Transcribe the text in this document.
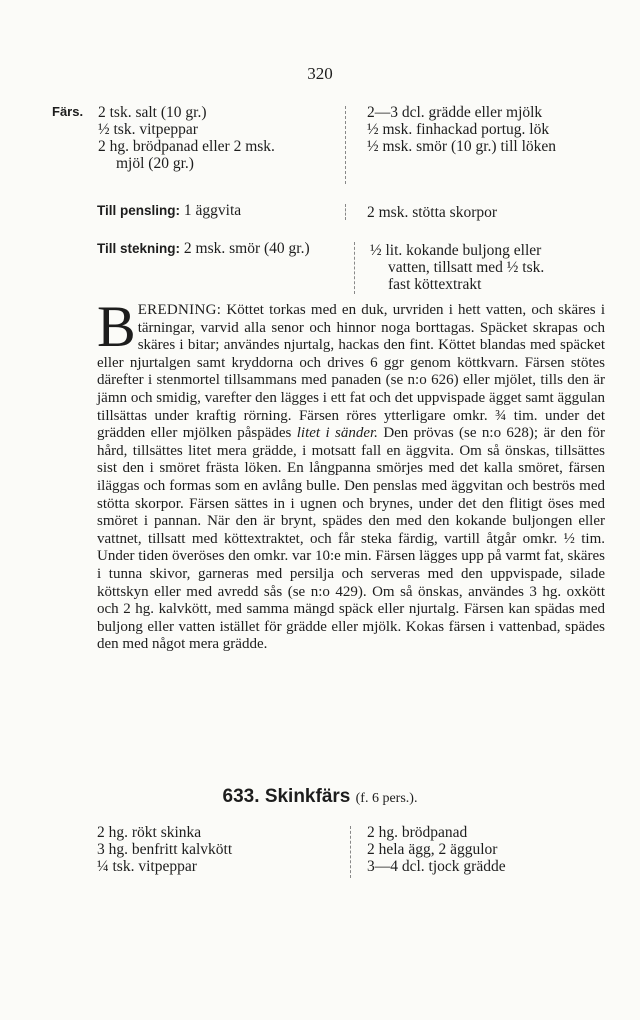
320
Färs. 2 tsk. salt (10 gr.)
½ tsk. vitpeppar
2 hg. brödpanad eller 2 msk.
mjöl (20 gr.)
2—3 dcl. grädde eller mjölk
½ msk. finhackad portug. lök
½ msk. smör (10 gr.) till löken
Till pensling: 1 äggvita	2 msk. stötta skorpor
Till stekning: 2 msk. smör (40 gr.)	½ lit. kokande buljong eller
vatten, tillsatt med ½ tsk.
fast köttextrakt
B EREDNING: Köttet torkas med en duk, urvriden i hett vatten, och skäres i tärningar, varvid alla senor och hinnor noga borttagas. Späcket skrapas och skäres i bitar; användes njurtalg, hackas den fint. Köttet blandas med späcket eller njurtalgen samt kryddorna och drives 6 ggr genom köttkvarn. Färsen stötes därefter i stenmortel tillsammans med panaden (se n:o 626) eller mjölet, tills den är jämn och smidig, varefter den lägges i ett fat och det uppvispade ägget samt äggulan tillsättas under kraftig rörning. Färsen röres ytterligare omkr. ¾ tim. under det grädden eller mjölken påspädes litet i sänder. Den prövas (se n:o 628); är den för hård, tillsättes litet mera grädde, i motsatt fall en äggvita. Om så önskas, tillsättes sist den i smöret frästa löken. En långpanna smörjes med det kalla smöret, färsen iläggas och formas som en avlång bulle. Den penslas med äggvitan och beströs med stötta skorpor. Färsen sättes in i ugnen och brynes, under det den flitigt öses med smöret i pannan. När den är brynt, spädes den med den kokande buljongen eller vattnet, tillsatt med köttextraktet, och får steka färdig, vartill åtgår omkr. ½ tim. Under tiden överöses den omkr. var 10:e min. Färsen lägges upp på varmt fat, skäres i tunna skivor, garneras med persilja och serveras med den uppvispade, silade köttskyn eller med avredd sås (se n:o 429). Om så önskas, användes 3 hg. oxkött och 2 hg. kalvkött, med samma mängd späck eller njurtalg. Färsen kan spädas med buljong eller vatten istället för grädde eller mjölk. Kokas färsen i vattenbad, spädes den med något mera grädde.
633. Skinkfärs (f. 6 pers.).
2 hg. rökt skinka
3 hg. benfritt kalvkött
¼ tsk. vitpeppar
2 hg. brödpanad
2 hela ägg, 2 äggulor
3—4 dcl. tjock grädde
